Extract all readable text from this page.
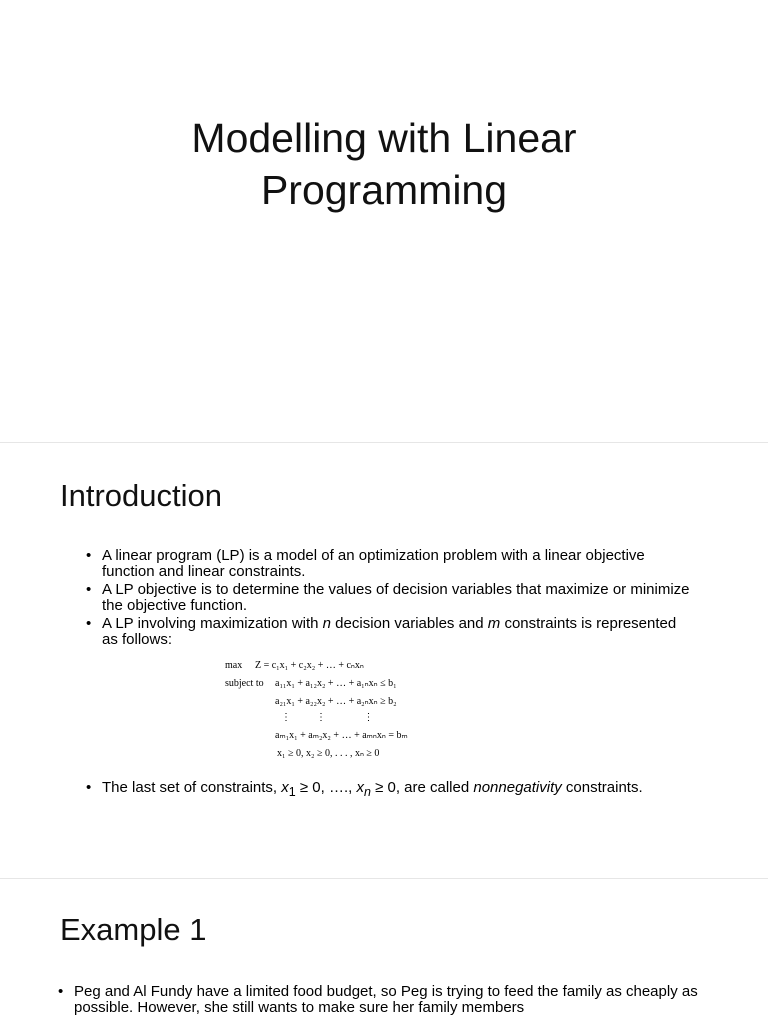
Modelling with Linear
Programming
Introduction
• A linear program (LP) is a model of an optimization problem with a linear objective function and linear constraints.
• A LP objective is to determine the values of decision variables that maximize or minimize the objective function.
• A LP involving maximization with n decision variables and m constraints is represented as follows:
max Z = c₁x₁ + c₂x₂ + … + cₙxₙ
subject to a₁₁x₁ + a₁₂x₂ + … + a₁ₙxₙ ≤ b₁
a₂₁x₁ + a₂₂x₂ + … + a₂ₙxₙ ≥ b₂
⋮          ⋮               ⋮
aₘ₁x₁ + aₘ₂x₂ + … + aₘₙxₙ = bₘ
x₁ ≥ 0, x₂ ≥ 0, . . . , xₙ ≥ 0
• The last set of constraints, $x_1 \ge 0$, …., $x_n \ge 0$, are called nonnegativity constraints.
Example 1
• Peg and Al Fundy have a limited food budget, so Peg is trying to feed the family as cheaply as possible. However, she still wants to make sure her family members
